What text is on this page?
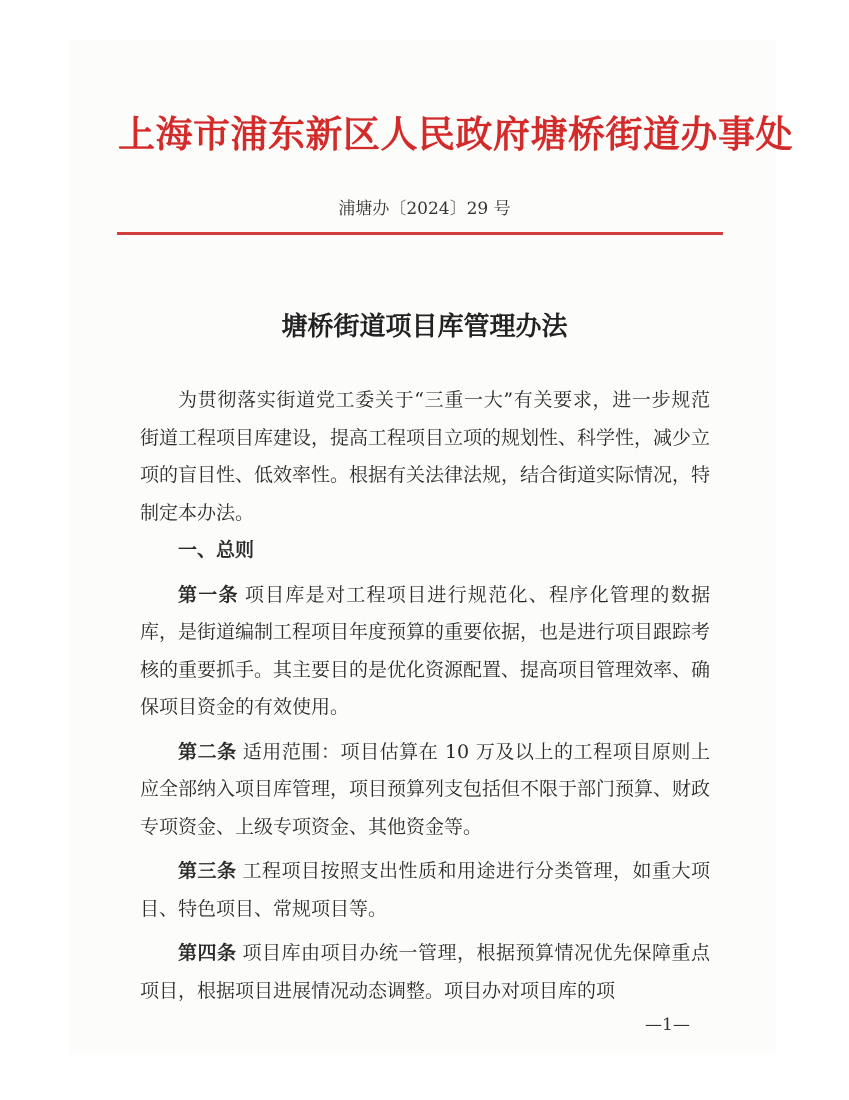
上海市浦东新区人民政府塘桥街道办事处
浦塘办〔2024〕29 号
塘桥街道项目库管理办法

为贯彻落实街道党工委关于“三重一大”有关要求，进一步规范街道工程项目库建设，提高工程项目立项的规划性、科学性，减少立项的盲目性、低效率性。根据有关法律法规，结合街道实际情况，特制定本办法。

一、总则

第一条 项目库是对工程项目进行规范化、程序化管理的数据库，是街道编制工程项目年度预算的重要依据，也是进行项目跟踪考核的重要抓手。其主要目的是优化资源配置、提高项目管理效率、确保项目资金的有效使用。

第二条 适用范围：项目估算在 10 万及以上的工程项目原则上应全部纳入项目库管理，项目预算列支包括但不限于部门预算、财政专项资金、上级专项资金、其他资金等。

第三条 工程项目按照支出性质和用途进行分类管理，如重大项目、特色项目、常规项目等。

第四条 项目库由项目办统一管理，根据预算情况优先保障重点项目，根据项目进展情况动态调整。项目办对项目库的项

—1—
